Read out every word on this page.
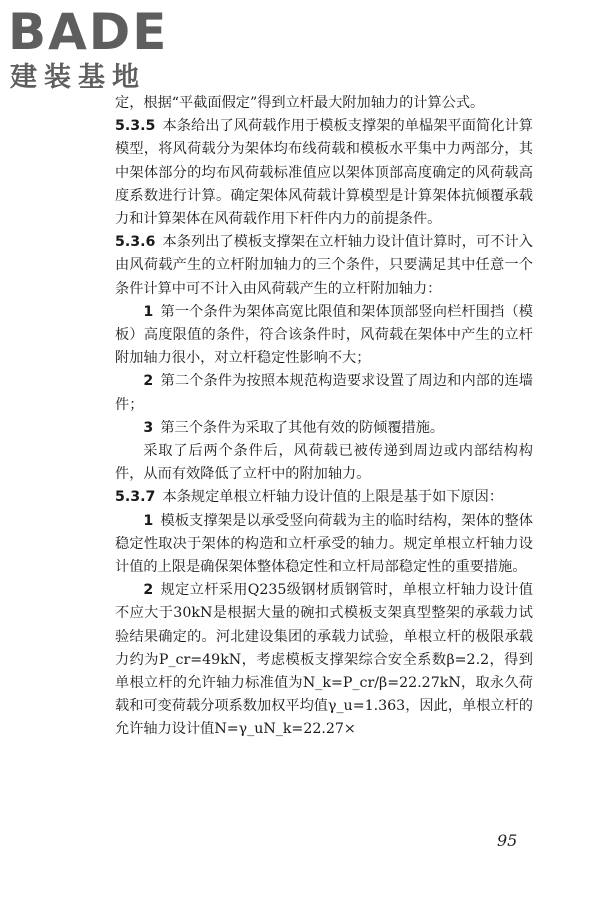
BADE
建装基地

定，根据“平截面假定”得到立杆最大附加轴力的计算公式。

5.3.5 本条给出了风荷载作用于模板支撑架的单榀架平面简化计算模型，将风荷载分为架体均布线荷载和模板水平集中力两部分，其中架体部分的均布风荷载标准值应以架体顶部高度确定的风荷载高度系数进行计算。确定架体风荷载计算模型是计算架体抗倾覆承载力和计算架体在风荷载作用下杆件内力的前提条件。

5.3.6 本条列出了模板支撑架在立杆轴力设计值计算时，可不计入由风荷载产生的立杆附加轴力的三个条件，只要满足其中任意一个条件计算中可不计入由风荷载产生的立杆附加轴力：

1 第一个条件为架体高宽比限值和架体顶部竖向栏杆围挡（模板）高度限值的条件，符合该条件时，风荷载在架体中产生的立杆附加轴力很小，对立杆稳定性影响不大；

2 第二个条件为按照本规范构造要求设置了周边和内部的连墙件；

3 第三个条件为采取了其他有效的防倾覆措施。

采取了后两个条件后，风荷载已被传递到周边或内部结构构件，从而有效降低了立杆中的附加轴力。

5.3.7 本条规定单根立杆轴力设计值的上限是基于如下原因：

1 模板支撑架是以承受竖向荷载为主的临时结构，架体的整体稳定性取决于架体的构造和立杆承受的轴力。规定单根立杆轴力设计值的上限是确保架体整体稳定性和立杆局部稳定性的重要措施。

2 规定立杆采用Q235级钢材质钢管时，单根立杆轴力设计值不应大于30kN是根据大量的碗扣式模板支架真型整架的承载力试验结果确定的。河北建设集团的承载力试验，单根立杆的极限承载力约为P_cr=49kN，考虑模板支撑架综合安全系数β=2.2，得到单根立杆的允许轴力标准值为N_k=P_cr/β=22.27kN，取永久荷载和可变荷载分项系数加权平均值γ_u=1.363，因此，单根立杆的允许轴力设计值N=γ_uN_k=22.27×

95
